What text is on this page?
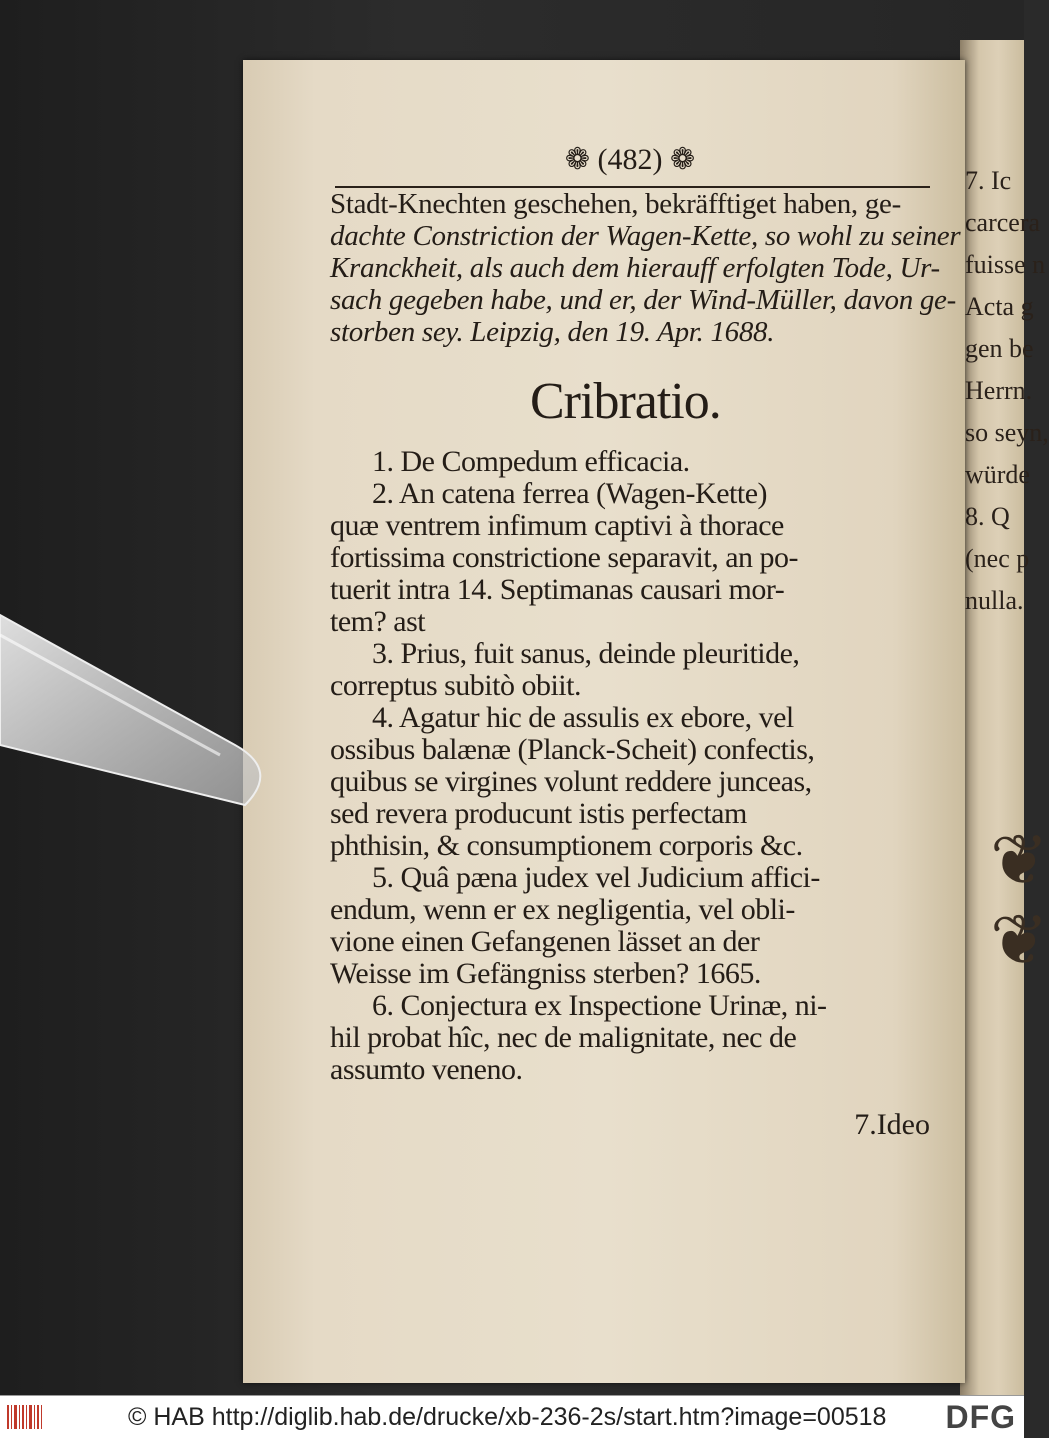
7. Ic
carcera
fuisse n
Acta g
gen be
Herrn.
so seyn,
würde
8. Q
(nec p
nulla.
❦
❦
❁ (482) ❁
Stadt-Knechten geschehen, bekräfftiget haben, ge-
dachte Constriction der Wagen-Kette, so wohl zu seiner
Kranckheit, als auch dem hierauff erfolgten Tode, Ur-
sach gegeben habe, und er, der Wind-Müller, davon ge-
storben sey. Leipzig, den 19. Apr. 1688.
Cribratio.
1. De Compedum efficacia.
2. An catena ferrea (Wagen-Kette)
quæ ventrem infimum captivi à thorace
fortissima constrictione separavit, an po-
tuerit intra 14. Septimanas causari mor-
tem? ast
3. Prius, fuit sanus, deinde pleuritide,
correptus subitò obiit.
4. Agatur hic de assulis ex ebore, vel
ossibus balænæ (Planck-Scheit) confectis,
quibus se virgines volunt reddere junceas,
sed revera producunt istis perfectam
phthisin, & consumptionem corporis &c.
5. Quâ pæna judex vel Judicium affici-
endum, wenn er ex negligentia, vel obli-
vione einen Gefangenen lässet an der
Weisse im Gefängniss sterben? 1665.
6. Conjectura ex Inspectione Urinæ, ni-
hil probat hîc, nec de malignitate, nec de
assumto veneno.
7.Ideo
© HAB http://diglib.hab.de/drucke/xb-236-2s/start.htm?image=00518 DFG
